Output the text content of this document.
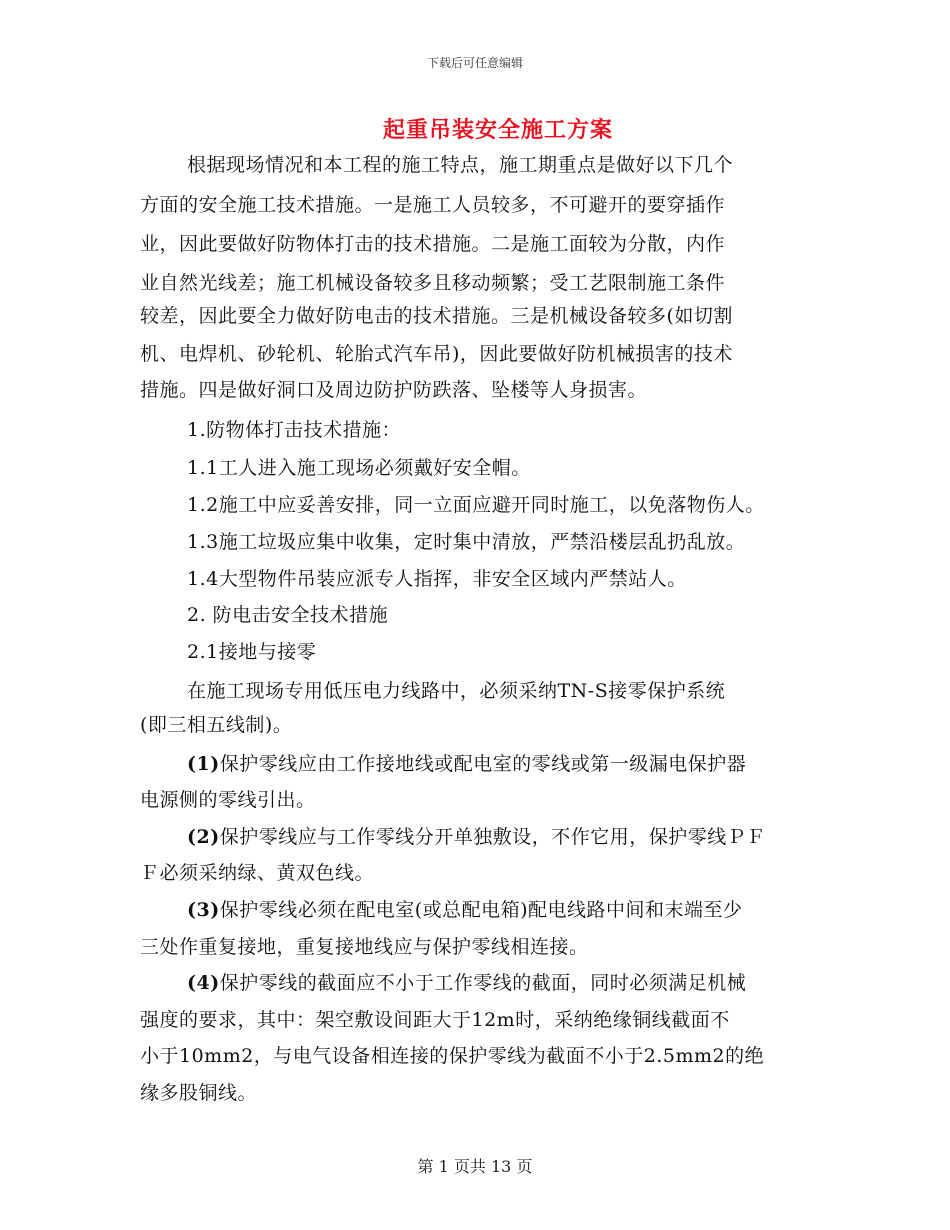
下载后可任意编辑
起重吊装安全施工方案
根据现场情况和本工程的施工特点，施工期重点是做好以下几个
方面的安全施工技术措施。一是施工人员较多，不可避开的要穿插作
业，因此要做好防物体打击的技术措施。二是施工面较为分散，内作
业自然光线差；施工机械设备较多且移动频繁；受工艺限制施工条件
较差，因此要全力做好防电击的技术措施。三是机械设备较多(如切割
机、电焊机、砂轮机、轮胎式汽车吊)，因此要做好防机械损害的技术
措施。四是做好洞口及周边防护防跌落、坠楼等人身损害。
1.防物体打击技术措施：
1.1工人进入施工现场必须戴好安全帽。
1.2施工中应妥善安排，同一立面应避开同时施工，以免落物伤人。
1.3施工垃圾应集中收集，定时集中清放，严禁沿楼层乱扔乱放。
1.4大型物件吊装应派专人指挥，非安全区域内严禁站人。
2. 防电击安全技术措施
2.1接地与接零
在施工现场专用低压电力线路中，必须采纳TN-S接零保护系统
(即三相五线制)。
(1)保护零线应由工作接地线或配电室的零线或第一级漏电保护器
电源侧的零线引出。
(2)保护零线应与工作零线分开单独敷设，不作它用，保护零线ＰＦ
Ｆ必须采纳绿、黄双色线。
(3)保护零线必须在配电室(或总配电箱)配电线路中间和末端至少
三处作重复接地，重复接地线应与保护零线相连接。
(4)保护零线的截面应不小于工作零线的截面，同时必须满足机械
强度的要求，其中：架空敷设间距大于12m时，采纳绝缘铜线截面不
小于10mm2，与电气设备相连接的保护零线为截面不小于2.5mm2的绝
缘多股铜线。
第 1 页共 13 页
